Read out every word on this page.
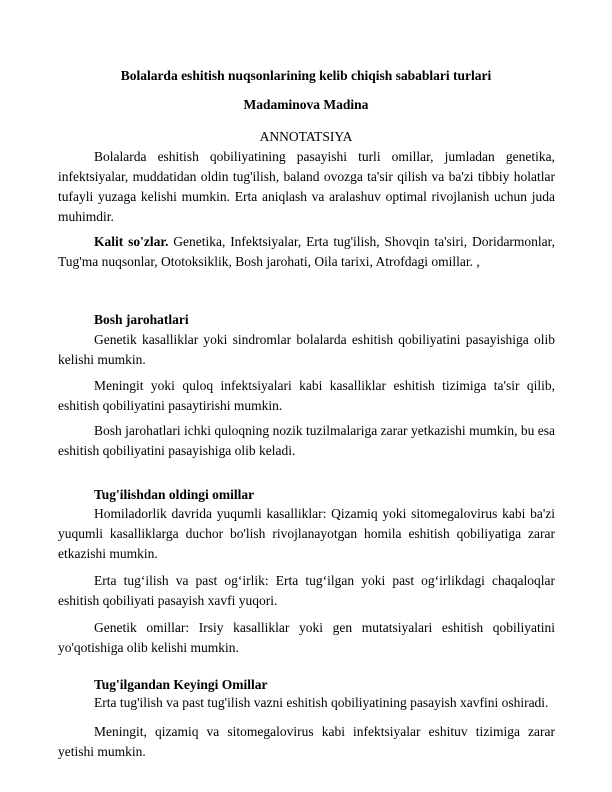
Bolalarda eshitish nuqsonlarining kelib chiqish sabablari turlari

Madaminova Madina

ANNOTATSIYA

Bolalarda eshitish qobiliyatining pasayishi turli omillar, jumladan genetika, infektsiyalar, muddatidan oldin tug'ilish, baland ovozga ta'sir qilish va ba'zi tibbiy holatlar tufayli yuzaga kelishi mumkin. Erta aniqlash va aralashuv optimal rivojlanish uchun juda muhimdir.

Kalit so'zlar. Genetika, Infektsiyalar, Erta tug'ilish, Shovqin ta'siri, Doridarmonlar, Tug'ma nuqsonlar, Ototoksiklik, Bosh jarohati, Oila tarixi, Atrofdagi omillar. ,

Bosh jarohatlari

Genetik kasalliklar yoki sindromlar bolalarda eshitish qobiliyatini pasayishiga olib kelishi mumkin.

Meningit yoki quloq infektsiyalari kabi kasalliklar eshitish tizimiga ta'sir qilib, eshitish qobiliyatini pasaytirishi mumkin.

Bosh jarohatlari ichki quloqning nozik tuzilmalariga zarar yetkazishi mumkin, bu esa eshitish qobiliyatini pasayishiga olib keladi.

Tug'ilishdan oldingi omillar

Homiladorlik davrida yuqumli kasalliklar: Qizamiq yoki sitomegalovirus kabi ba'zi yuqumli kasalliklarga duchor bo'lish rivojlanayotgan homila eshitish qobiliyatiga zarar etkazishi mumkin.

Erta tug‘ilish va past og‘irlik: Erta tug‘ilgan yoki past og‘irlikdagi chaqaloqlar eshitish qobiliyati pasayish xavfi yuqori.

Genetik omillar: Irsiy kasalliklar yoki gen mutatsiyalari eshitish qobiliyatini yo'qotishiga olib kelishi mumkin.

Tug'ilgandan Keyingi Omillar

Erta tug'ilish va past tug'ilish vazni eshitish qobiliyatining pasayish xavfini oshiradi.

Meningit, qizamiq va sitomegalovirus kabi infektsiyalar eshituv tizimiga zarar yetishi mumkin.
